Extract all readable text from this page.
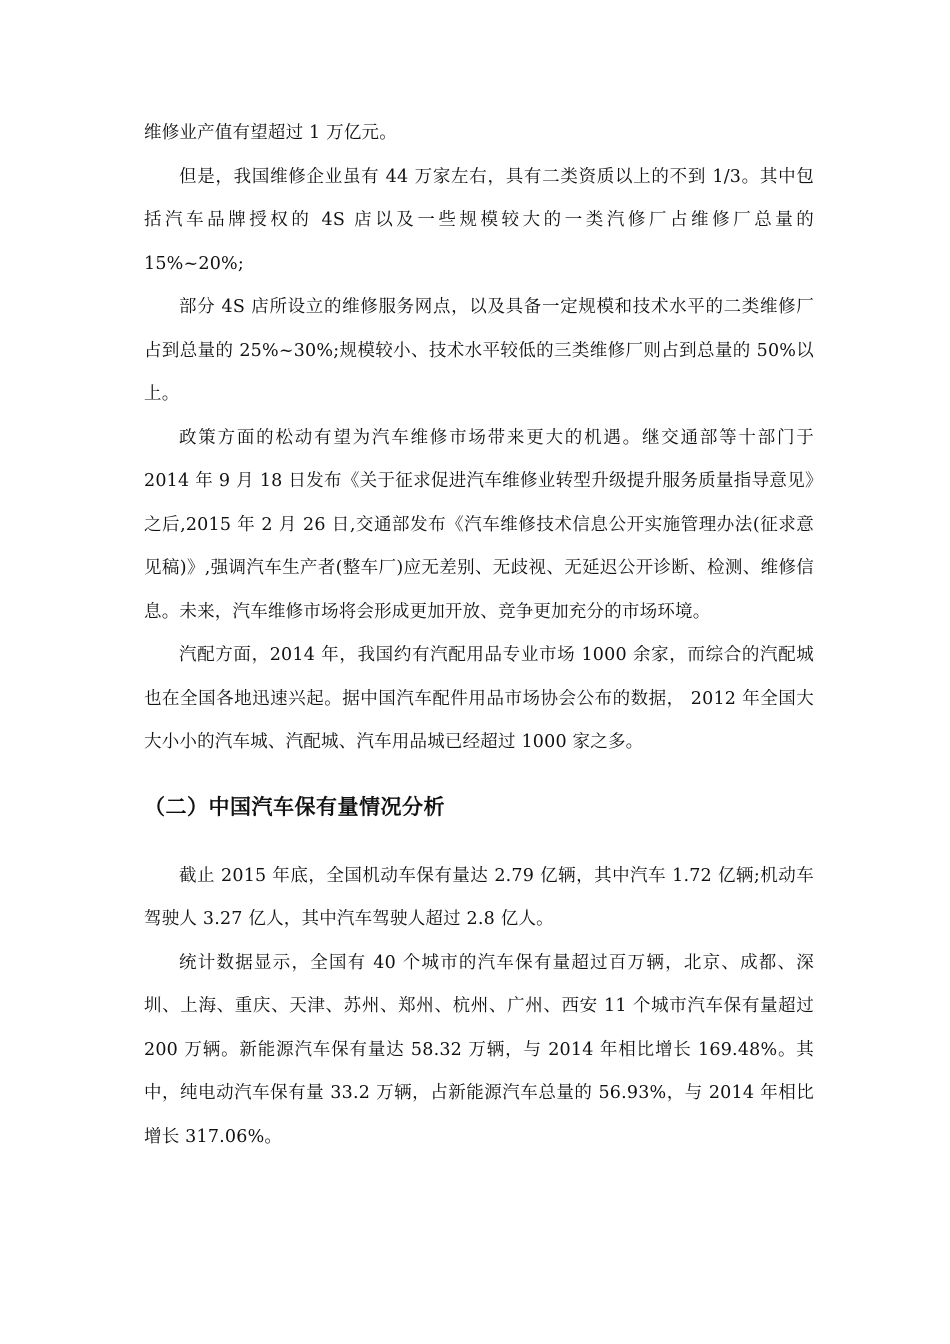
维修业产值有望超过 1 万亿元。

但是，我国维修企业虽有 44 万家左右，具有二类资质以上的不到 1/3。其中包括汽车品牌授权的 4S 店以及一些规模较大的一类汽修厂占维修厂总量的 15%~20%;

部分 4S 店所设立的维修服务网点，以及具备一定规模和技术水平的二类维修厂占到总量的 25%~30%;规模较小、技术水平较低的三类维修厂则占到总量的 50%以上。

政策方面的松动有望为汽车维修市场带来更大的机遇。继交通部等十部门于 2014 年 9 月 18 日发布《关于征求促进汽车维修业转型升级提升服务质量指导意见》之后,2015 年 2 月 26 日,交通部发布《汽车维修技术信息公开实施管理办法(征求意见稿)》,强调汽车生产者(整车厂)应无差别、无歧视、无延迟公开诊断、检测、维修信息。未来，汽车维修市场将会形成更加开放、竞争更加充分的市场环境。

汽配方面，2014 年，我国约有汽配用品专业市场 1000 余家，而综合的汽配城也在全国各地迅速兴起。据中国汽车配件用品市场协会公布的数据， 2012 年全国大大小小的汽车城、汽配城、汽车用品城已经超过 1000 家之多。

（二）中国汽车保有量情况分析

截止 2015 年底，全国机动车保有量达 2.79 亿辆，其中汽车 1.72 亿辆;机动车驾驶人 3.27 亿人，其中汽车驾驶人超过 2.8 亿人。

统计数据显示，全国有 40 个城市的汽车保有量超过百万辆，北京、成都、深圳、上海、重庆、天津、苏州、郑州、杭州、广州、西安 11 个城市汽车保有量超过 200 万辆。新能源汽车保有量达 58.32 万辆，与 2014 年相比增长 169.48%。其中，纯电动汽车保有量 33.2 万辆，占新能源汽车总量的 56.93%，与 2014 年相比增长 317.06%。
